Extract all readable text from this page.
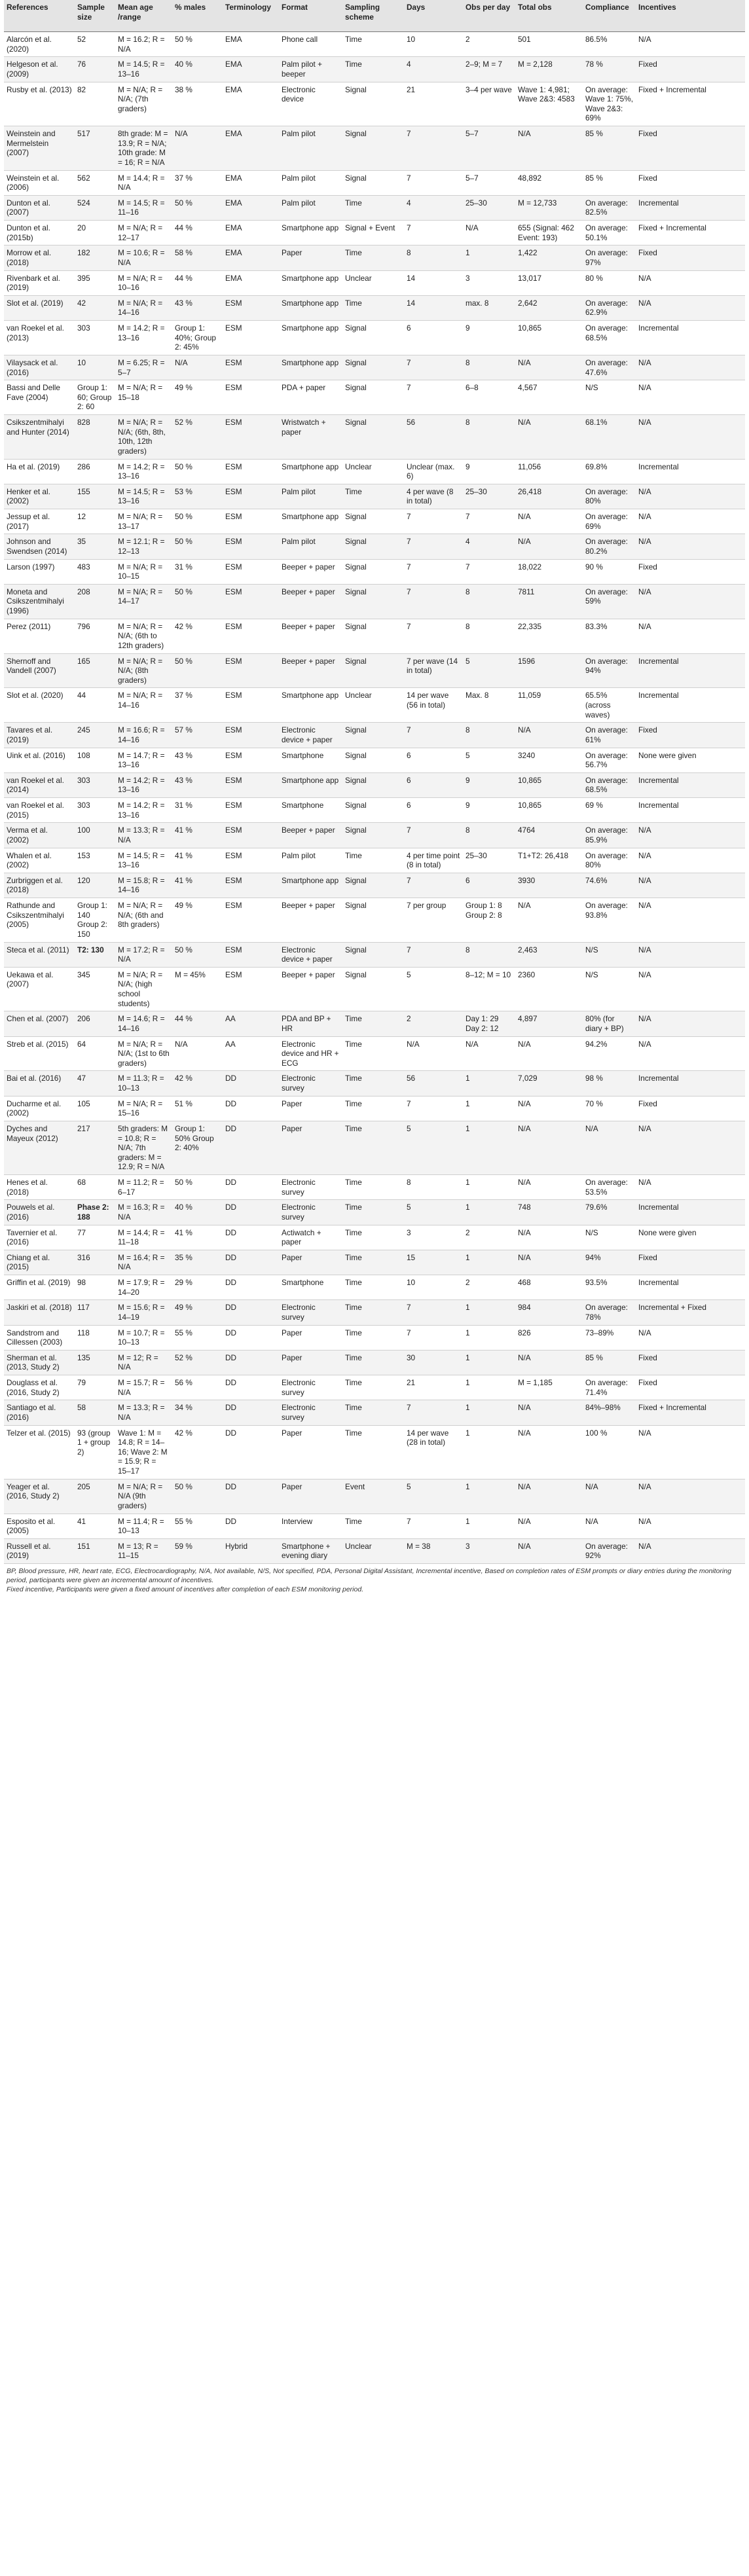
References	Sample size	Mean age /range	% males	Terminology	Format	Sampling scheme	Days	Obs per day	Total obs	Compliance	Incentives
Alarcón et al. (2020)	52	M = 16.2; R = N/A	50 %	EMA	Phone call	Time	10	2	501	86.5%	N/A
Helgeson et al. (2009)	76	M = 14.5; R = 13–16	40 %	EMA	Palm pilot + beeper	Time	4	2–9; M = 7	M = 2,128	78 %	Fixed
Rusby et al. (2013)	82	M = N/A; R = N/A; (7th graders)	38 %	EMA	Electronic device	Signal	21	3–4 per wave	Wave 1: 4,981; Wave 2&3: 4583	On average: Wave 1: 75%, Wave 2&3: 69%	Fixed + Incremental
Weinstein and Mermelstein (2007)	517	8th grade: M = 13.9; R = N/A; 10th grade: M = 16; R = N/A	N/A	EMA	Palm pilot	Signal	7	5–7	N/A	85 %	Fixed
Weinstein et al. (2006)	562	M = 14.4; R = N/A	37 %	EMA	Palm pilot	Signal	7	5–7	48,892	85 %	Fixed
Dunton et al. (2007)	524	M = 14.5; R = 11–16	50 %	EMA	Palm pilot	Time	4	25–30	M = 12,733	On average: 82.5%	Incremental
Dunton et al. (2015b)	20	M = N/A; R = 12–17	44 %	EMA	Smartphone app	Signal + Event	7	N/A	655 (Signal: 462 Event: 193)	On average: 50.1%	Fixed + Incremental
Morrow et al. (2018)	182	M = 10.6; R = N/A	58 %	EMA	Paper	Time	8	1	1,422	On average: 97%	Fixed
Rivenbark et al. (2019)	395	M = N/A; R = 10–16	44 %	EMA	Smartphone app	Unclear	14	3	13,017	80 %	N/A
Slot et al. (2019)	42	M = N/A; R = 14–16	43 %	ESM	Smartphone app	Time	14	max. 8	2,642	On average: 62.9%	N/A
van Roekel et al. (2013)	303	M = 14.2; R = 13–16	Group 1: 40%; Group 2: 45%	ESM	Smartphone app	Signal	6	9	10,865	On average: 68.5%	Incremental
Vilaysack et al. (2016)	10	M = 6.25; R = 5–7	N/A	ESM	Smartphone app	Signal	7	8	N/A	On average: 47.6%	N/A
Bassi and Delle Fave (2004)	Group 1: 60; Group 2: 60	M = N/A; R = 15–18	49 %	ESM	PDA + paper	Signal	7	6–8	4,567	N/S	N/A
Csikszentmihalyi and Hunter (2014)	828	M = N/A; R = N/A; (6th, 8th, 10th, 12th graders)	52 %	ESM	Wristwatch + paper	Signal	56	8	N/A	68.1%	N/A
Ha et al. (2019)	286	M = 14.2; R = 13–16	50 %	ESM	Smartphone app	Unclear	Unclear (max. 6)	9	11,056	69.8%	Incremental
Henker et al. (2002)	155	M = 14.5; R = 13–16	53 %	ESM	Palm pilot	Time	4 per wave (8 in total)	25–30	26,418	On average: 80%	N/A
Jessup et al. (2017)	12	M = N/A; R = 13–17	50 %	ESM	Smartphone app	Signal	7	7	N/A	On average: 69%	N/A
Johnson and Swendsen (2014)	35	M = 12.1; R = 12–13	50 %	ESM	Palm pilot	Signal	7	4	N/A	On average: 80.2%	N/A
Larson (1997)	483	M = N/A; R = 10–15	31 %	ESM	Beeper + paper	Signal	7	7	18,022	90 %	Fixed
Moneta and Csikszentmihalyi (1996)	208	M = N/A; R = 14–17	50 %	ESM	Beeper + paper	Signal	7	8	7811	On average: 59%	N/A
Perez (2011)	796	M = N/A; R = N/A; (6th to 12th graders)	42 %	ESM	Beeper + paper	Signal	7	8	22,335	83.3%	N/A
Shernoff and Vandell (2007)	165	M = N/A; R = N/A; (8th graders)	50 %	ESM	Beeper + paper	Signal	7 per wave (14 in total)	5	1596	On average: 94%	Incremental
Slot et al. (2020)	44	M = N/A; R = 14–16	37 %	ESM	Smartphone app	Unclear	14 per wave (56 in total)	Max. 8	11,059	65.5% (across waves)	Incremental
Tavares et al. (2019)	245	M = 16.6; R = 14–16	57 %	ESM	Electronic device + paper	Signal	7	8	N/A	On average: 61%	Fixed
Uink et al. (2016)	108	M = 14.7; R = 13–16	43 %	ESM	Smartphone	Signal	6	5	3240	On average: 56.7%	None were given
van Roekel et al. (2014)	303	M = 14.2; R = 13–16	43 %	ESM	Smartphone app	Signal	6	9	10,865	On average: 68.5%	Incremental
van Roekel et al. (2015)	303	M = 14.2; R = 13–16	31 %	ESM	Smartphone	Signal	6	9	10,865	69 %	Incremental
Verma et al. (2002)	100	M = 13.3; R = N/A	41 %	ESM	Beeper + paper	Signal	7	8	4764	On average: 85.9%	N/A
Whalen et al. (2002)	153	M = 14.5; R = 13–16	41 %	ESM	Palm pilot	Time	4 per time point (8 in total)	25–30	T1+T2: 26,418	On average: 80%	N/A
Zurbriggen et al. (2018)	120	M = 15.8; R = 14–16	41 %	ESM	Smartphone app	Signal	7	6	3930	74.6%	N/A
Rathunde and Csikszentmihalyi (2005)	Group 1: 140 Group 2: 150	M = N/A; R = N/A; (6th and 8th graders)	49 %	ESM	Beeper + paper	Signal	7 per group	Group 1: 8 Group 2: 8	N/A	On average: 93.8%	N/A
Steca et al. (2011)	T2: 130	M = 17.2; R = N/A	50 %	ESM	Electronic device + paper	Signal	7	8	2,463	N/S	N/A
Uekawa et al. (2007)	345	M = N/A; R = N/A; (high school students)	M = 45%	ESM	Beeper + paper	Signal	5	8–12; M = 10	2360	N/S	N/A
Chen et al. (2007)	206	M = 14.6; R = 14–16	44 %	AA	PDA and BP + HR	Time	2	Day 1: 29 Day 2: 12	4,897	80% (for diary + BP)	N/A
Streb et al. (2015)	64	M = N/A; R = N/A; (1st to 6th graders)	N/A	AA	Electronic device and HR + ECG	Time	N/A	N/A	N/A	94.2%	N/A
Bai et al. (2016)	47	M = 11.3; R = 10–13	42 %	DD	Electronic survey	Time	56	1	7,029	98 %	Incremental
Ducharme et al. (2002)	105	M = N/A; R = 15–16	51 %	DD	Paper	Time	7	1	N/A	70 %	Fixed
Dyches and Mayeux (2012)	217	5th graders: M = 10.8; R = N/A; 7th graders: M = 12.9; R = N/A	Group 1: 50% Group 2: 40%	DD	Paper	Time	5	1	N/A	N/A	N/A
Henes et al. (2018)	68	M = 11.2; R = 6–17	50 %	DD	Electronic survey	Time	8	1	N/A	On average: 53.5%	N/A
Pouwels et al. (2016)	Phase 2: 188	M = 16.3; R = N/A	40 %	DD	Electronic survey	Time	5	1	748	79.6%	Incremental
Tavernier et al. (2016)	77	M = 14.4; R = 11–18	41 %	DD	Actiwatch + paper	Time	3	2	N/A	N/S	None were given
Chiang et al. (2015)	316	M = 16.4; R = N/A	35 %	DD	Paper	Time	15	1	N/A	94%	Fixed
Griffin et al. (2019)	98	M = 17.9; R = 14–20	29 %	DD	Smartphone	Time	10	2	468	93.5%	Incremental
Jaskiri et al. (2018)	117	M = 15.6; R = 14–19	49 %	DD	Electronic survey	Time	7	1	984	On average: 78%	Incremental + Fixed
Sandstrom and Cillessen (2003)	118	M = 10.7; R = 10–13	55 %	DD	Paper	Time	7	1	826	73–89%	N/A
Sherman et al. (2013, Study 2)	135	M = 12; R = N/A	52 %	DD	Paper	Time	30	1	N/A	85 %	Fixed
Douglass et al. (2016, Study 2)	79	M = 15.7; R = N/A	56 %	DD	Electronic survey	Time	21	1	M = 1,185	On average: 71.4%	Fixed
Santiago et al. (2016)	58	M = 13.3; R = N/A	34 %	DD	Electronic survey	Time	7	1	N/A	84%–98%	Fixed + Incremental
Telzer et al. (2015)	93 (group 1 + group 2)	Wave 1: M = 14.8; R = 14–16; Wave 2: M = 15.9; R = 15–17	42 %	DD	Paper	Time	14 per wave (28 in total)	1	N/A	100 %	N/A
Yeager et al. (2016, Study 2)	205	M = N/A; R = N/A (9th graders)	50 %	DD	Paper	Event	5	1	N/A	N/A	N/A
Esposito et al. (2005)	41	M = 11.4; R = 10–13	55 %	DD	Interview	Time	7	1	N/A	N/A	N/A
Russell et al. (2019)	151	M = 13; R = 11–15	59 %	Hybrid	Smartphone + evening diary	Unclear	M = 38	3	N/A	On average: 92%	N/A
BP, Blood pressure, HR, heart rate, ECG, Electrocardiography, N/A, Not available, N/S, Not specified, PDA, Personal Digital Assistant, Incremental incentive, Based on completion rates of ESM prompts or diary entries during the monitoring period, participants were given an incremental amount of incentives.
Fixed incentive, Participants were given a fixed amount of incentives after completion of each ESM monitoring period.
